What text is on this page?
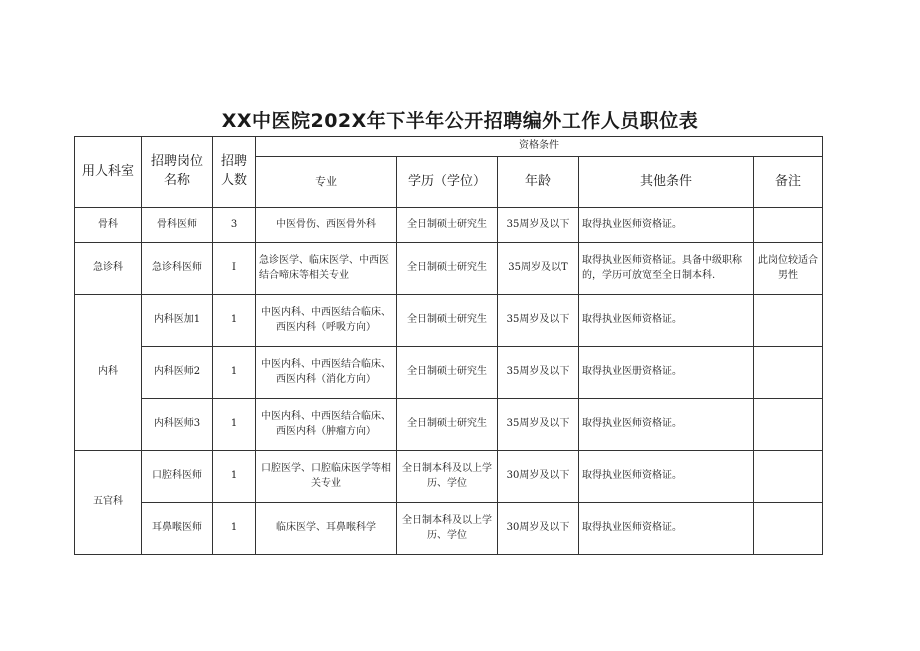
XX中医院202X年下半年公开招聘编外工作人员职位表
用人科室	招聘岗位名称	招聘人数	资格条件				
			专业	学历（学位）	年龄	其他条件	备注
骨科	骨科医师	3	中医骨伤、西医骨外科	全日制硕士研究生	35周岁及以下	取得执业医师资格证。	
急诊科	急诊科医师	I	急诊医学、临床医学、中西医结合啼床等相关专业	全日制硕士研究生	35周岁及以T	取得执业医师资格证。具备中级职称的，学历可放宽至全日制本科.	此岗位较适合男性
内科	内科医加1	1	中医内科、中西医结合临床、西医内科（呼吸方向）	全日制硕士研究生	35周岁及以下	取得执业医师资格证。	
	内科医师2	1	中医内科、中西医结合临床、西医内科（消化方向）	全日制硕士研究生	35周岁及以下	取得执业医册资格证。	
	内科医师3	1	中医内科、中西医结合临床、西医内科（肿瘤方向）	全日制硕士研究生	35周岁及以下	取得执业医师资格证。	
五官科	口腔科医师	1	口腔医学、口腔临床医学等相关专业	全日制本科及以上学历、学位	30周岁及以下	取得执业医师资格证。	
	耳鼻喉医师	1	临床医学、耳鼻喉科学	全日制本科及以上学历、学位	30周岁及以下	取得执业医师资格证。	
